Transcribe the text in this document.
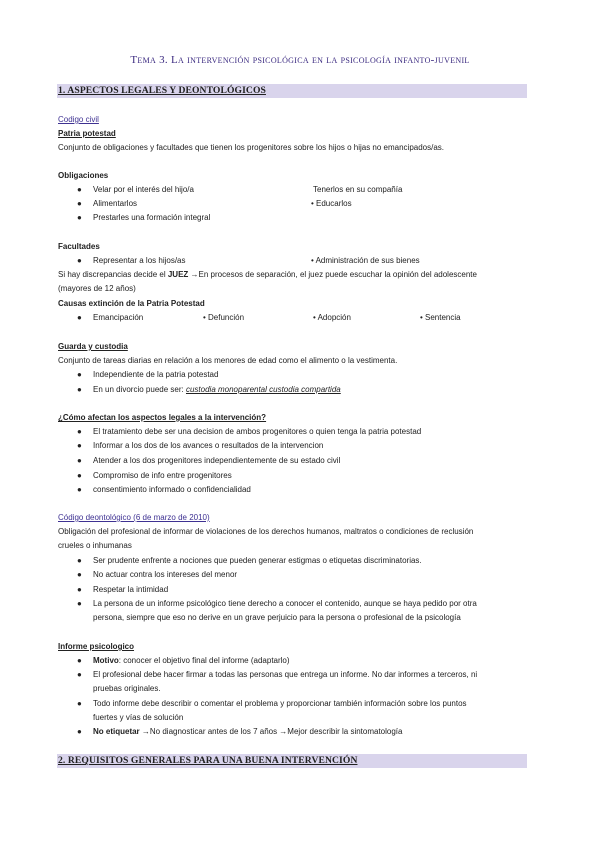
Tema 3. La intervención psicológica en la psicología infanto-juvenil
1. ASPECTOS LEGALES Y DEONTOLÓGICOS
Codigo civil
Patria potestad
Conjunto de obligaciones y facultades que tienen los progenitores sobre los hijos o hijas no emancipados/as.
Obligaciones
● Velar por el interés del hijo/a	Tenerlos en su compañía
● Alimentarlos	• Educarlos
● Prestarles una formación integral
Facultades
● Representar a los hijos/as	• Administración de sus bienes
Si hay discrepancias decide el JUEZ →En procesos de separación, el juez puede escuchar la opinión del adolescente
(mayores de 12 años)
Causas extinción de la Patria Potestad
● Emancipación	• Defunción	• Adopción	• Sentencia
Guarda y custodia
Conjunto de tareas diarias en relación a los menores de edad como el alimento o la vestimenta.
● Independiente de la patria potestad
● En un divorcio puede ser: custodia monoparental custodia compartida
¿Cómo afectan los aspectos legales a la intervención?
● El tratamiento debe ser una decision de ambos progenitores o quien tenga la patria potestad
● Informar a los dos de los avances o resultados de la intervencion
● Atender a los dos progenitores independientemente de su estado civil
● Compromiso de info entre progenitores
● consentimiento informado o confidencialidad
Código deontológico (6 de marzo de 2010)
Obligación del profesional de informar de violaciones de los derechos humanos, maltratos o condiciones de reclusión
crueles o inhumanas
● Ser prudente enfrente a nociones que pueden generar estigmas o etiquetas discriminatorias.
● No actuar contra los intereses del menor
● Respetar la intimidad
● La persona de un informe psicológico tiene derecho a conocer el contenido, aunque se haya pedido por otra
persona, siempre que eso no derive en un grave perjuicio para la persona o profesional de la psicología
Informe psicologico
● Motivo: conocer el objetivo final del informe (adaptarlo)
● El profesional debe hacer firmar a todas las personas que entrega un informe. No dar informes a terceros, ni
pruebas originales.
● Todo informe debe describir o comentar el problema y proporcionar también información sobre los puntos
fuertes y vías de solución
● No etiquetar →No diagnosticar antes de los 7 años →Mejor describir la sintomatología
2. REQUISITOS GENERALES PARA UNA BUENA INTERVENCIÓN
